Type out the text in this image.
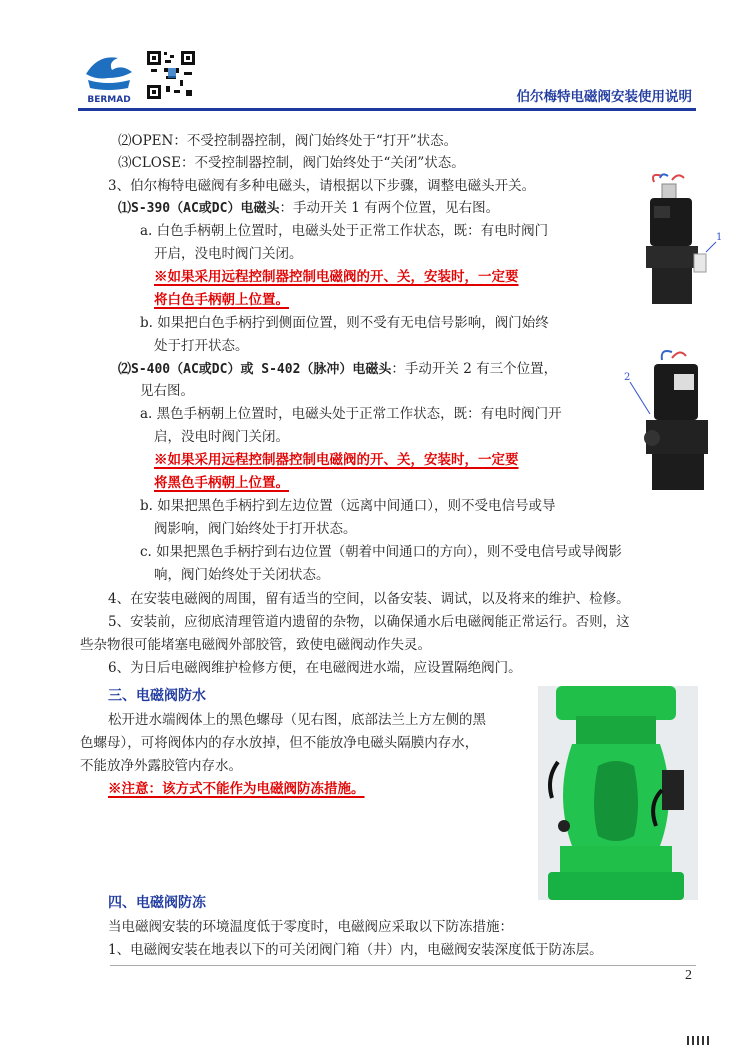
BERMAD	伯尔梅特电磁阀安装使用说明
⑵OPEN：不受控制器控制，阀门始终处于“打开”状态。
⑶CLOSE：不受控制器控制，阀门始终处于“关闭”状态。
3、伯尔梅特电磁阀有多种电磁头，请根据以下步骤，调整电磁头开关。
⑴S-390（AC或DC）电磁头：手动开关 1 有两个位置，见右图。
a. 白色手柄朝上位置时，电磁头处于正常工作状态，既：有电时阀门
开启，没电时阀门关闭。
※如果采用远程控制器控制电磁阀的开、关，安装时，一定要
将白色手柄朝上位置。
b. 如果把白色手柄拧到侧面位置，则不受有无电信号影响，阀门始终
处于打开状态。
⑵S-400（AC或DC）或 S-402（脉冲）电磁头：手动开关 2 有三个位置，
见右图。
a. 黑色手柄朝上位置时，电磁头处于正常工作状态，既：有电时阀门开
启，没电时阀门关闭。
※如果采用远程控制器控制电磁阀的开、关，安装时，一定要
将黑色手柄朝上位置。
b. 如果把黑色手柄拧到左边位置（远离中间通口），则不受电信号或导
阀影响，阀门始终处于打开状态。
c. 如果把黑色手柄拧到右边位置（朝着中间通口的方向），则不受电信号或导阀影
响，阀门始终处于关闭状态。
4、在安装电磁阀的周围，留有适当的空间，以备安装、调试，以及将来的维护、检修。
5、安装前，应彻底清理管道内遗留的杂物，以确保通水后电磁阀能正常运行。否则，这
些杂物很可能堵塞电磁阀外部胶管，致使电磁阀动作失灵。
6、为日后电磁阀维护检修方便，在电磁阀进水端，应设置隔绝阀门。
三、电磁阀防水
松开进水端阀体上的黑色螺母（见右图，底部法兰上方左侧的黑
色螺母），可将阀体内的存水放掉，但不能放净电磁头隔膜内存水，
不能放净外露胶管内存水。
※注意：该方式不能作为电磁阀防冻措施。
四、电磁阀防冻
当电磁阀安装的环境温度低于零度时，电磁阀应采取以下防冻措施：
1、电磁阀安装在地表以下的可关闭阀门箱（井）内，电磁阀安装深度低于防冻层。
1
2
2
